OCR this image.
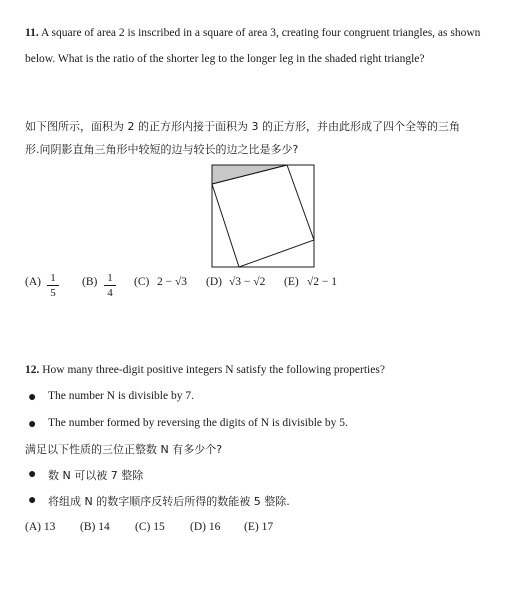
11. A square of area 2 is inscribed in a square of area 3, creating four congruent triangles, as shown
below. What is the ratio of the shorter leg to the longer leg in the shaded right triangle?
如下图所示，面积为 2 的正方形内接于面积为 3 的正方形，并由此形成了四个全等的三角
形.问阴影直角三角形中较短的边与较长的边之比是多少?
(A) 1
5
(B) 1
4
(C) 2 − √3 (D) √3 − √2 (E) √2 − 1
12. How many three-digit positive integers N satisfy the following properties?
● The number N is divisible by 7.
● The number formed by reversing the digits of N is divisible by 5.
满足以下性质的三位正整数 N 有多少个?
● 数 N 可以被 7 整除
● 将组成 N 的数字顺序反转后所得的数能被 5 整除.
(A) 13 (B) 14 (C) 15 (D) 16 (E) 17
